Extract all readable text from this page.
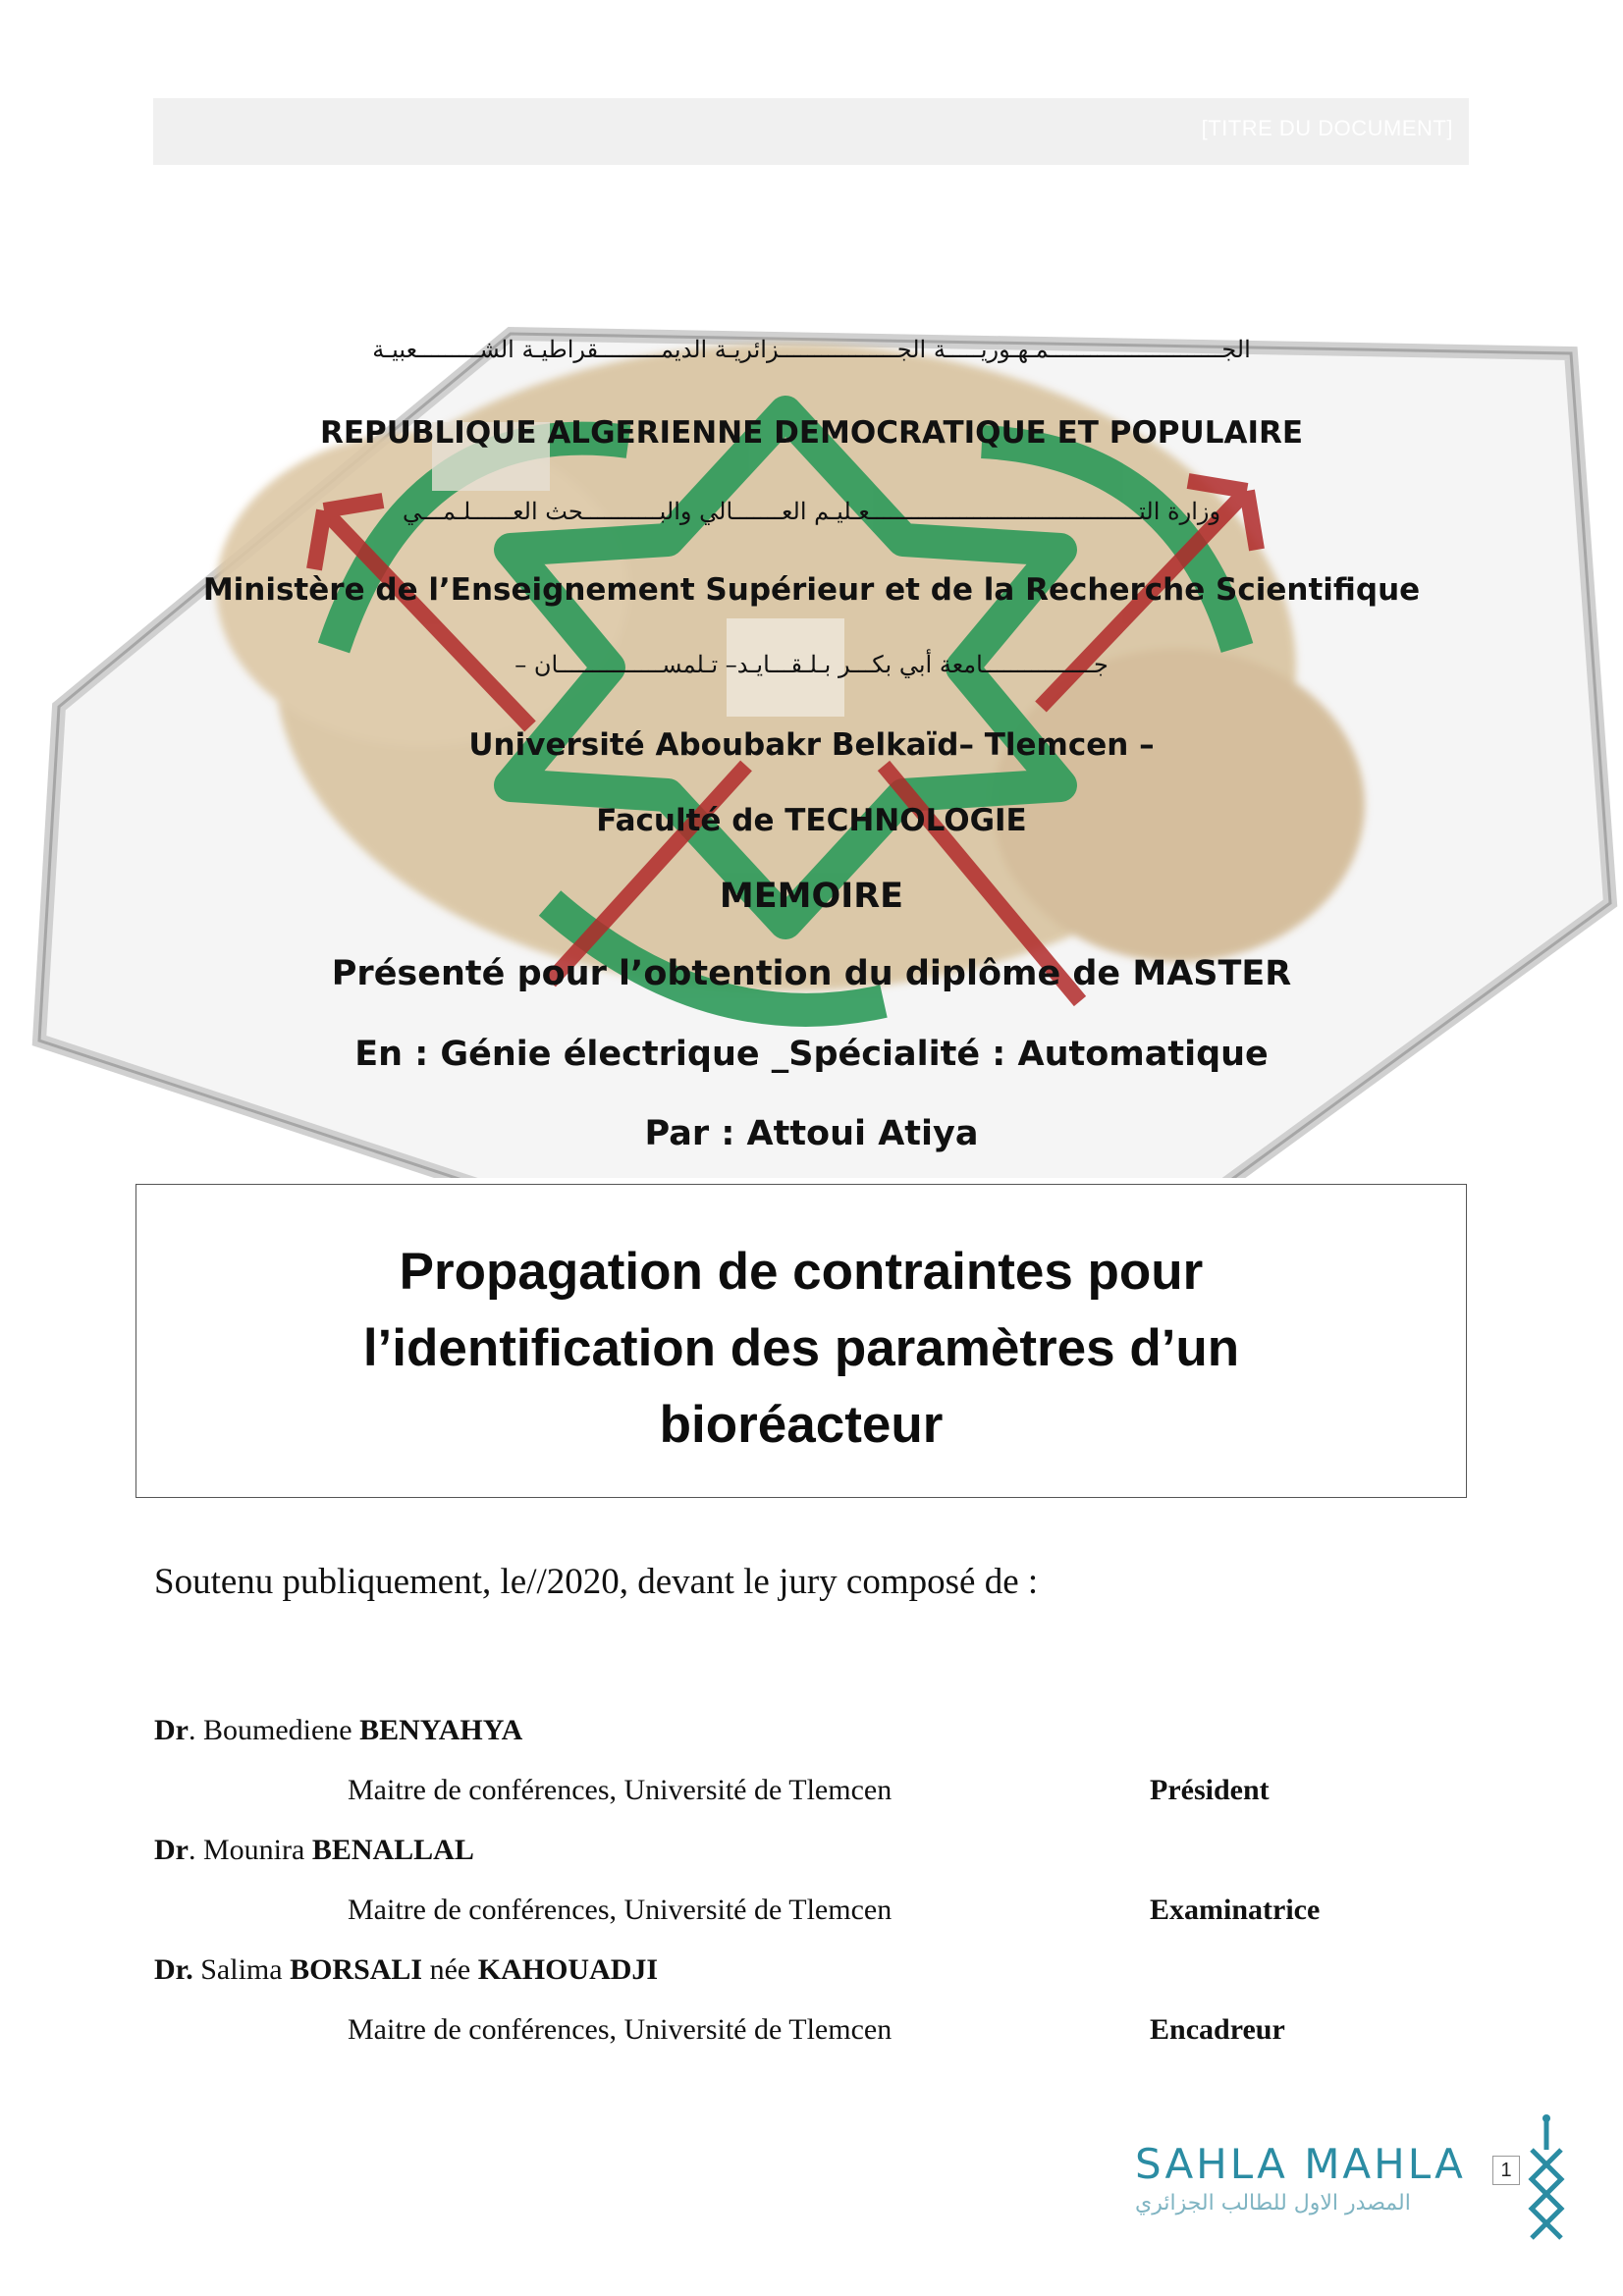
[TITRE DU DOCUMENT]
الجـــــــــــــــــــــــــمـهـوريـــــة الجـــــــــــــــــزائريـة الديمـــــــــقراطيـة الشـــــــــعبيـة
REPUBLIQUE ALGERIENNE DEMOCRATIQUE ET POPULAIRE
وزارة التـــــــــــــــــــــــــــــــــــــــعـليـم العـــــــالي والبـــــــــــحث العــــــلـمـــي
Ministère de l’Enseignement Supérieur et de la Recherche Scientifique
جــــــــــــــــامعة أبي بكـــر بـلـقـــايـد– تـلمســـــــــــــــان –
Université Aboubakr Belkaïd– Tlemcen –
Faculté de TECHNOLOGIE
MEMOIRE
Présenté pour l’obtention du diplôme de MASTER
En : Génie électrique _Spécialité : Automatique
Par : Attoui Atiya
Propagation de contraintes pour
l’identification des paramètres d’un
bioréacteur
Soutenu publiquement, le//2020, devant le jury composé de :
Dr. Boumediene BENYAHYA
Maitre de conférences, Université de Tlemcen	Président
Dr. Mounira BENALLAL
Maitre de conférences, Université de Tlemcen	Examinatrice
Dr. Salima BORSALI née KAHOUADJI
Maitre de conférences, Université de Tlemcen	Encadreur
SAHLA MAHLA
المصدر الاول للطالب الجزائري
1
